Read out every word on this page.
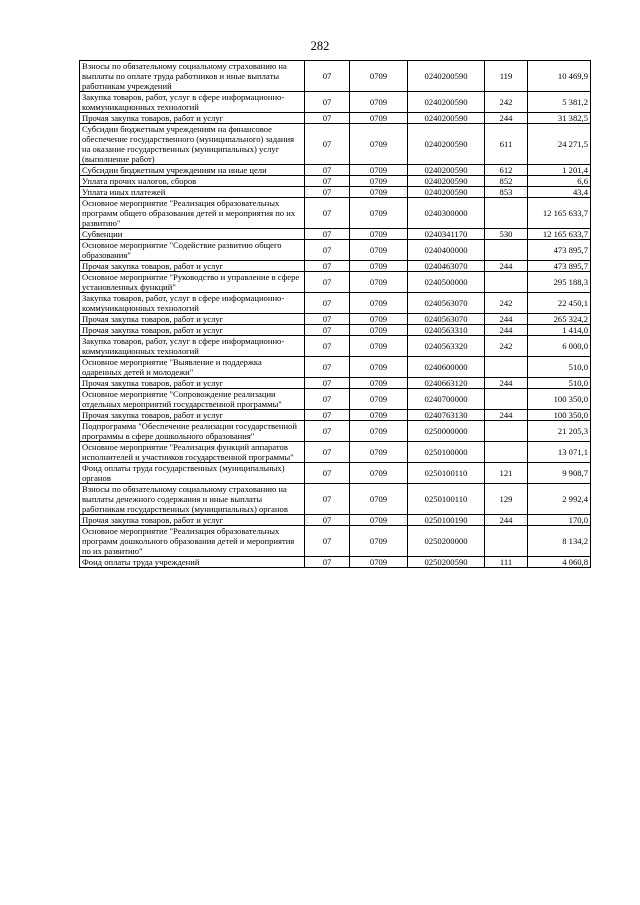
282
Взносы по обязательному социальному страхованию на выплаты по оплате труда работников и иные выплаты работникам учреждений	07	0709	0240200590	119	10 469,9
Закупка товаров, работ, услуг в сфере информационно-коммуникационных технологий	07	0709	0240200590	242	5 381,2
Прочая закупка товаров, работ и услуг	07	0709	0240200590	244	31 382,5
Субсидии бюджетным учреждениям на финансовое обеспечение государственного (муниципального) задания на оказание государственных (муниципальных) услуг (выполнение работ)	07	0709	0240200590	611	24 271,5
Субсидии бюджетным учреждениям на иные цели	07	0709	0240200590	612	1 201,4
Уплата прочих налогов, сборов	07	0709	0240200590	852	6,6
Уплата иных платежей	07	0709	0240200590	853	43,4
Основное мероприятие "Реализация образовательных программ общего образования детей и мероприятия по их развитию"	07	0709	0240300000		12 165 633,7
Субвенции	07	0709	0240341170	530	12 165 633,7
Основное мероприятие "Содействие развитию общего образования"	07	0709	0240400000		473 895,7
Прочая закупка товаров, работ и услуг	07	0709	0240463070	244	473 895,7
Основное мероприятие "Руководство и управление в сфере установленных функций"	07	0709	0240500000		295 188,3
Закупка товаров, работ, услуг в сфере информационно-коммуникационных технологий	07	0709	0240563070	242	22 450,1
Прочая закупка товаров, работ и услуг	07	0709	0240563070	244	265 324,2
Прочая закупка товаров, работ и услуг	07	0709	0240563310	244	1 414,0
Закупка товаров, работ, услуг в сфере информационно-коммуникационных технологий	07	0709	0240563320	242	6 000,0
Основное мероприятие "Выявление и поддержка одаренных детей и молодежи"	07	0709	0240600000		510,0
Прочая закупка товаров, работ и услуг	07	0709	0240663120	244	510,0
Основное мероприятие "Сопровождение реализации отдельных мероприятий государственной программы"	07	0709	0240700000		100 350,0
Прочая закупка товаров, работ и услуг	07	0709	0240763130	244	100 350,0
Подпрограмма "Обеспечение реализации государственной программы в сфере дошкольного образования"	07	0709	0250000000		21 205,3
Основное мероприятие "Реализация функций аппаратов исполнителей и участников государственной программы"	07	0709	0250100000		13 071,1
Фонд оплаты труда государственных (муниципальных) органов	07	0709	0250100110	121	9 908,7
Взносы по обязательному социальному страхованию на выплаты денежного содержания и иные выплаты работникам государственных (муниципальных) органов	07	0709	0250100110	129	2 992,4
Прочая закупка товаров, работ и услуг	07	0709	0250100190	244	170,0
Основное мероприятие "Реализация образовательных программ дошкольного образования детей и мероприятия по их развитию"	07	0709	0250200000		8 134,2
Фонд оплаты труда учреждений	07	0709	0250200590	111	4 060,8
